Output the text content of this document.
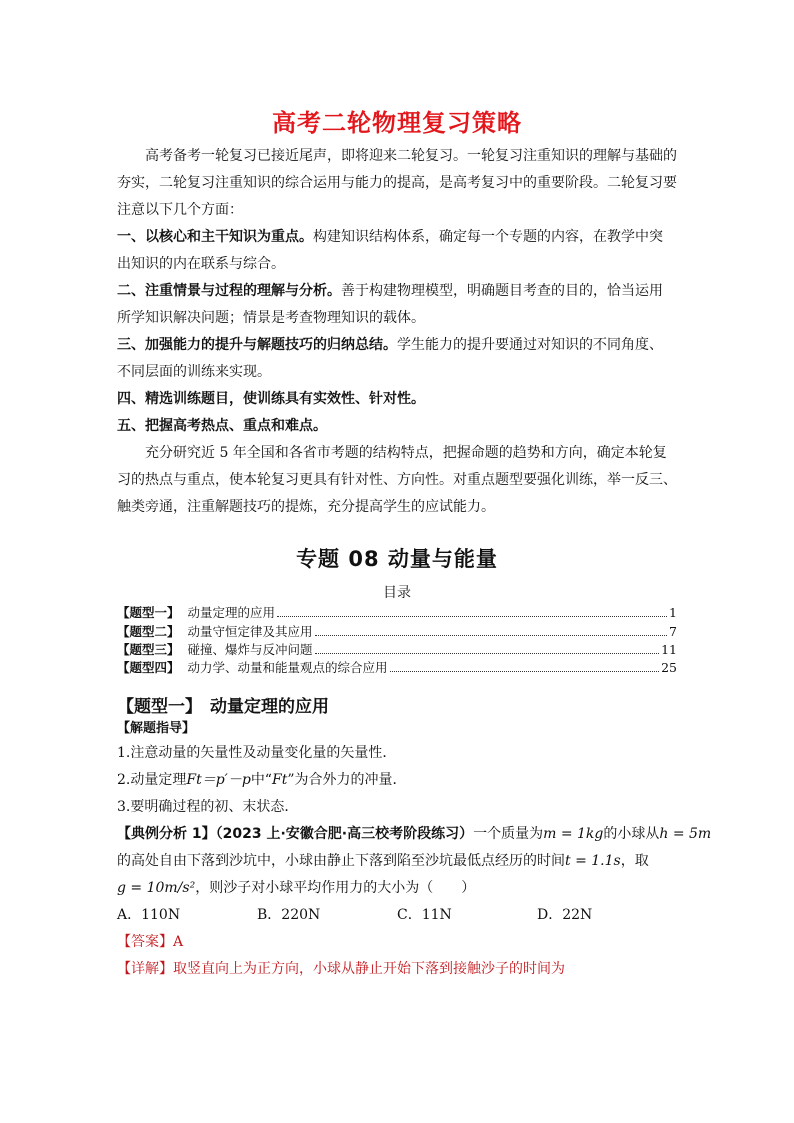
高考二轮物理复习策略
　　高考备考一轮复习已接近尾声，即将迎来二轮复习。一轮复习注重知识的理解与基础的
夯实，二轮复习注重知识的综合运用与能力的提高，是高考复习中的重要阶段。二轮复习要
注意以下几个方面：
一、以核心和主干知识为重点。构建知识结构体系，确定每一个专题的内容，在教学中突
出知识的内在联系与综合。
二、注重情景与过程的理解与分析。善于构建物理模型，明确题目考查的目的，恰当运用
所学知识解决问题；情景是考查物理知识的载体。
三、加强能力的提升与解题技巧的归纳总结。学生能力的提升要通过对知识的不同角度、
不同层面的训练来实现。
四、精选训练题目，使训练具有实效性、针对性。
五、把握高考热点、重点和难点。
　　充分研究近 5 年全国和各省市考题的结构特点，把握命题的趋势和方向，确定本轮复
习的热点与重点，使本轮复习更具有针对性、方向性。对重点题型要强化训练，举一反三、
触类旁通，注重解题技巧的提炼，充分提高学生的应试能力。
专题 08 动量与能量
目录
【题型一】 动量定理的应用	1
【题型二】 动量守恒定律及其应用	7
【题型三】 碰撞、爆炸与反冲问题	11
【题型四】 动力学、动量和能量观点的综合应用	25
【题型一】 动量定理的应用
【解题指导】
1.注意动量的矢量性及动量变化量的矢量性．
2.动量定理Ft＝p′－p中“Ft”为合外力的冲量．
3.要明确过程的初、末状态．
【典例分析 1】（2023 上·安徽合肥·高三校考阶段练习）一个质量为m = 1kg的小球从h = 5m
的高处自由下落到沙坑中，小球由静止下落到陷至沙坑最低点经历的时间t = 1.1s，取
g = 10m/s²，则沙子对小球平均作用力的大小为（　　）
A．110N	B．220N	C．11N	D．22N
【答案】A
【详解】取竖直向上为正方向，小球从静止开始下落到接触沙子的时间为
